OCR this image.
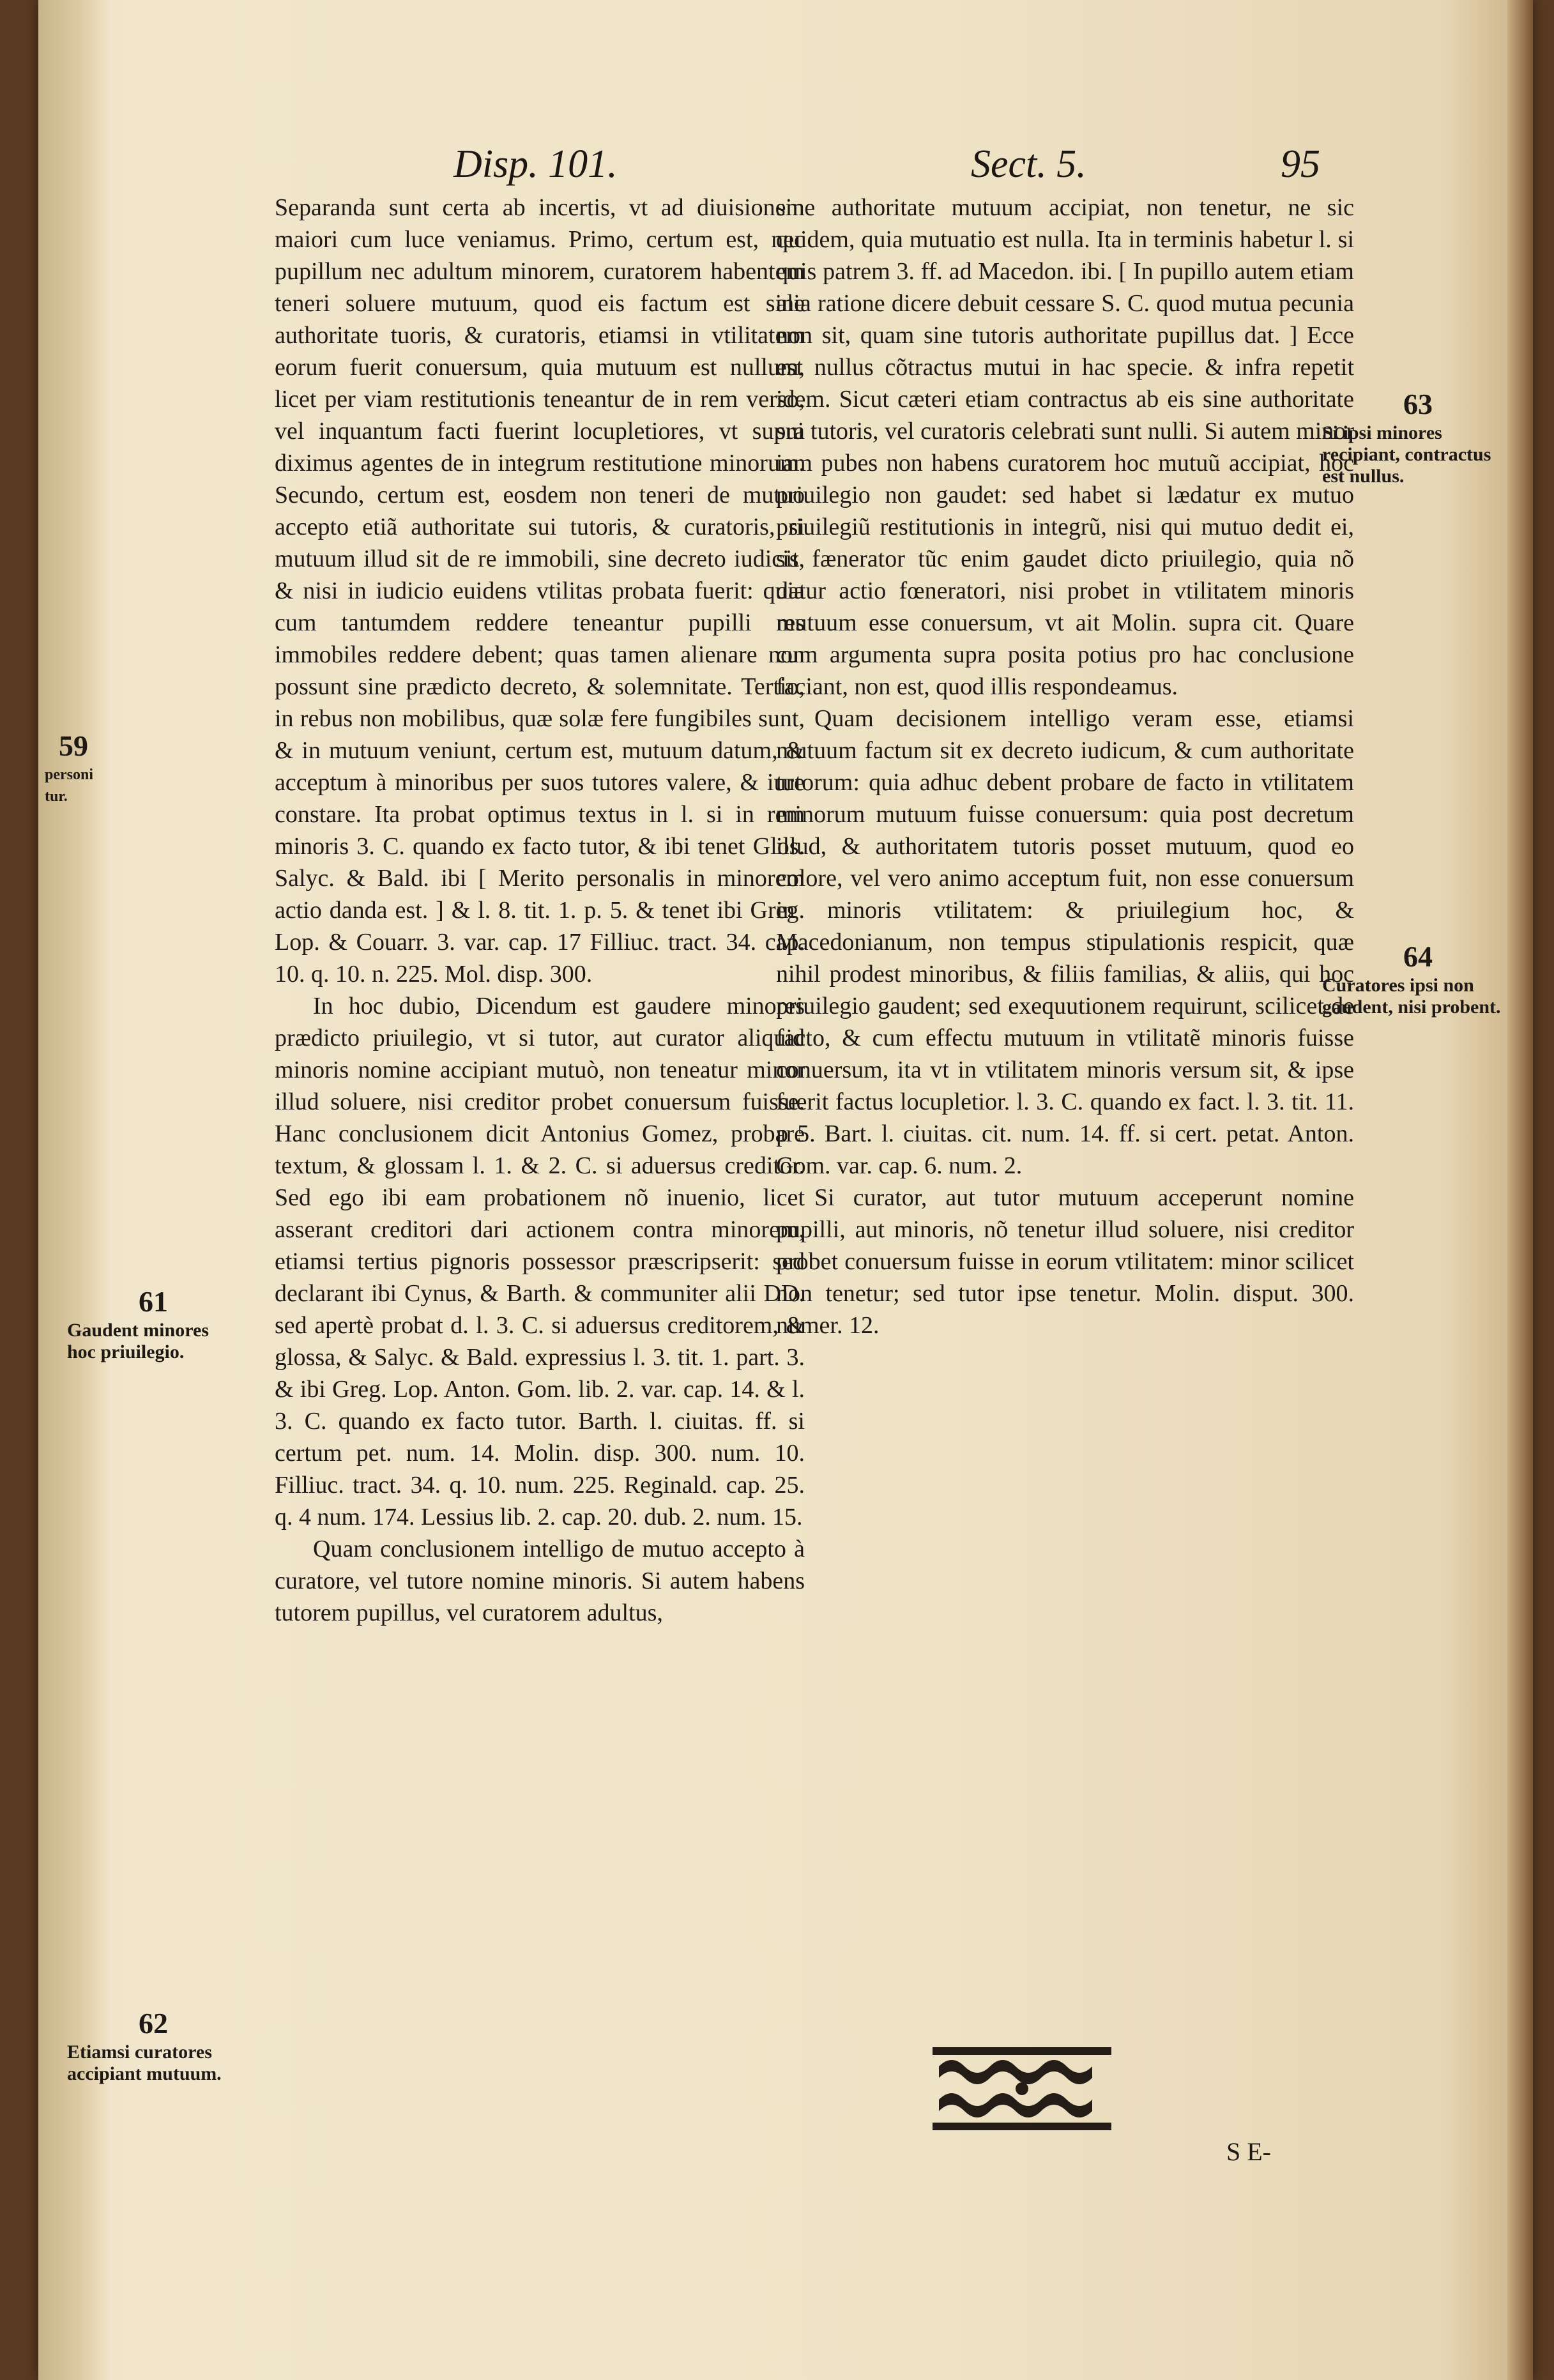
Disp. 101.	Sect. 5.	95

Separanda sunt certa ab incertis, vt ad diuisionem maiori cum luce veniamus. Primo, certum est, nec pupillum nec adultum minorem, curatorem habentem teneri soluere mutuum, quod eis factum est sine authoritate tuoris, & curatoris, etiamsi in vtilitatem eorum fuerit conuersum, quia mutuum est nullum, licet per viam restitutionis teneantur de in rem verso, vel inquantum facti fuerint locupletiores, vt supra diximus agentes de in integrum restitutione minorum. Secundo, certum est, eosdem non teneri de mutuo accepto etiã authoritate sui tutoris, & curatoris, si mutuum illud sit de re immobili, sine decreto iudicis, & nisi in iudicio euidens vtilitas probata fuerit: quia cum tantumdem reddere teneantur pupilli res immobiles reddere debent; quas tamen alienare non possunt sine prædicto decreto, & solemnitate. Tertio, in rebus non mobilibus, quæ solæ fere fungibiles sunt, & in mutuum veniunt, certum est, mutuum datum, & acceptum à minoribus per suos tutores valere, & iure constare. Ita probat optimus textus in l. si in rem minoris 3. C. quando ex facto tutor, & ibi tenet Glos. Salyc. & Bald. ibi [ Merito personalis in minorem actio danda est. ] & l. 8. tit. 1. p. 5. & tenet ibi Greg. Lop. & Couarr. 3. var. cap. 17 Filliuc. tract. 34. cap. 10. q. 10. n. 225. Mol. disp. 300.

In hoc dubio, Dicendum est gaudere minores prædicto priuilegio, vt si tutor, aut curator aliquid minoris nomine accipiant mutuò, non teneatur minor illud soluere, nisi creditor probet conuersum fuisse. Hanc conclusionem dicit Antonius Gomez, probare textum, & glossam l. 1. & 2. C. si aduersus creditor. Sed ego ibi eam probationem nõ inuenio, licet asserant creditori dari actionem contra minorem, etiamsi tertius pignoris possessor præscripserit: sed declarant ibi Cynus, & Barth. & communiter alii DD. sed apertè probat d. l. 3. C. si aduersus creditorem, & glossa, & Salyc. & Bald. expressius l. 3. tit. 1. part. 3. & ibi Greg. Lop. Anton. Gom. lib. 2. var. cap. 14. & l. 3. C. quando ex facto tutor. Barth. l. ciuitas. ff. si certum pet. num. 14. Molin. disp. 300. num. 10. Filliuc. tract. 34. q. 10. num. 225. Reginald. cap. 25. q. 4 num. 174. Lessius lib. 2. cap. 20. dub. 2. num. 15.

Quam conclusionem intelligo de mutuo accepto à curatore, vel tutore nomine minoris. Si autem habens tutorem pupillus, vel curatorem adultus,

sine authoritate mutuum accipiat, non tenetur, ne sic quidem, quia mutuatio est nulla. Ita in terminis habetur l. si quis patrem 3. ff. ad Macedon. ibi. [ In pupillo autem etiam alia ratione dicere debuit cessare S. C. quod mutua pecunia non sit, quam sine tutoris authoritate pupillus dat. ] Ecce est nullus cõtractus mutui in hac specie. & infra repetit idem. Sicut cæteri etiam contractus ab eis sine authoritate sui tutoris, vel curatoris celebrati sunt nulli. Si autem minor iam pubes non habens curatorem hoc mutuũ accipiat, hoc priuilegio non gaudet: sed habet si lædatur ex mutuo priuilegiũ restitutionis in integrũ, nisi qui mutuo dedit ei, sit fænerator tũc enim gaudet dicto priuilegio, quia nõ datur actio fœneratori, nisi probet in vtilitatem minoris mutuum esse conuersum, vt ait Molin. supra cit. Quare cum argumenta supra posita potius pro hac conclusione faciant, non est, quod illis respondeamus.

Quam decisionem intelligo veram esse, etiamsi mutuum factum sit ex decreto iudicum, & cum authoritate tutorum: quia adhuc debent probare de facto in vtilitatem minorum mutuum fuisse conuersum: quia post decretum illud, & authoritatem tutoris posset mutuum, quod eo colore, vel vero animo acceptum fuit, non esse conuersum in minoris vtilitatem: & priuilegium hoc, & Macedonianum, non tempus stipulationis respicit, quæ nihil prodest minoribus, & filiis familias, & aliis, qui hoc priuilegio gaudent; sed exequutionem requirunt, scilicet de facto, & cum effectu mutuum in vtilitatẽ minoris fuisse conuersum, ita vt in vtilitatem minoris versum sit, & ipse fuerit factus locupletior. l. 3. C. quando ex fact. l. 3. tit. 11. p 5. Bart. l. ciuitas. cit. num. 14. ff. si cert. petat. Anton. Gom. var. cap. 6. num. 2.

Si curator, aut tutor mutuum acceperunt nomine pupilli, aut minoris, nõ tenetur illud soluere, nisi creditor probet conuersum fuisse in eorum vtilitatem: minor scilicet non tenetur; sed tutor ipse tenetur. Molin. disput. 300. numer. 12.

59
personi tur.
61
Gaudent minores hoc priuilegio.
62
Etiamsi curatores accipiant mutuum.
63
Si ipsi minores recipiant, contractus est nullus.
64
Curatores ipsi non gaudent, nisi probent.
S E-
